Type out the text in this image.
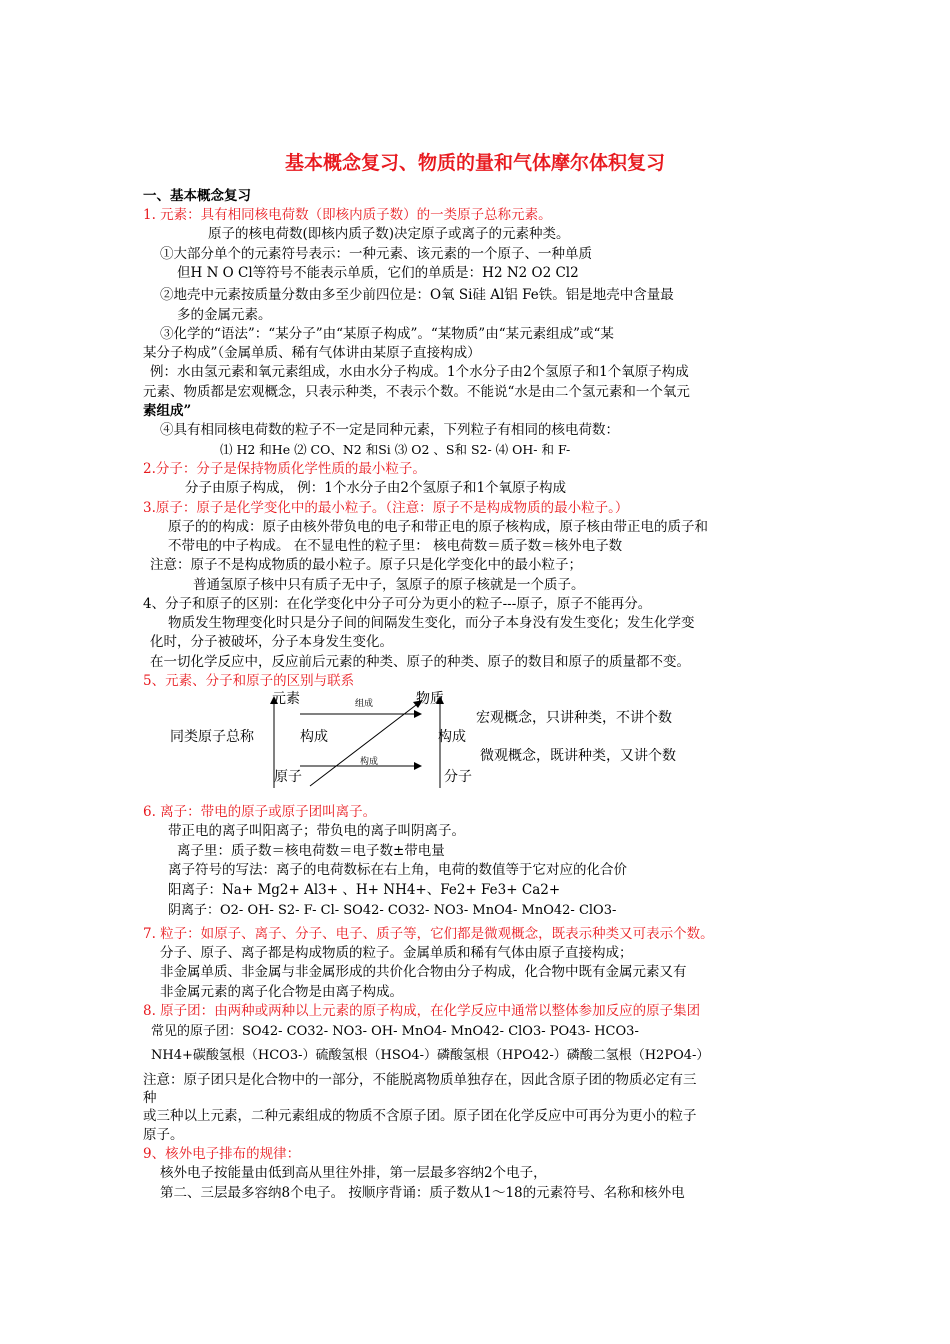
基本概念复习、物质的量和气体摩尔体积复习
一、基本概念复习
1. 元素：具有相同核电荷数（即核内质子数）的一类原子总称元素。
原子的核电荷数(即核内质子数)决定原子或离子的元素种类。
①大部分单个的元素符号表示：一种元素、该元素的一个原子、一种单质
但H N O Cl等符号不能表示单质，它们的单质是：H2 N2 O2 Cl2
②地壳中元素按质量分数由多至少前四位是：O氧 Si硅 Al铝 Fe铁。铝是地壳中含量最
多的金属元素。
③化学的“语法”：“某分子”由“某原子构成”。“某物质”由“某元素组成”或“某
某分子构成”（金属单质、稀有气体讲由某原子直接构成）
例：水由氢元素和氧元素组成，水由水分子构成。1个水分子由2个氢原子和1个氧原子构成
元素、物质都是宏观概念，只表示种类，不表示个数。不能说“水是由二个氢元素和一个氧元
素组成”
④具有相同核电荷数的粒子不一定是同种元素，下列粒子有相同的核电荷数：
⑴ H2 和He ⑵ CO、N2 和Si ⑶ O2 、S和 S2- ⑷ OH- 和 F-
2.分子：分子是保持物质化学性质的最小粒子。
分子由原子构成， 例：1个水分子由2个氢原子和1个氧原子构成
3.原子：原子是化学变化中的最小粒子。（注意：原子不是构成物质的最小粒子。）
原子的的构成：原子由核外带负电的电子和带正电的原子核构成，原子核由带正电的质子和
不带电的中子构成。 在不显电性的粒子里： 核电荷数＝质子数＝核外电子数
注意：原子不是构成物质的最小粒子。原子只是化学变化中的最小粒子；
普通氢原子核中只有质子无中子，氢原子的原子核就是一个质子。
4、分子和原子的区别：在化学变化中分子可分为更小的粒子---原子，原子不能再分。
物质发生物理变化时只是分子间的间隔发生变化，而分子本身没有发生变化；发生化学变
化时，分子被破坏，分子本身发生变化。
在一切化学反应中，反应前后元素的种类、原子的种类、原子的数目和原子的质量都不变。
5、元素、分子和原子的区别与联系
元素	物质
组成
同类原子总称	构成	构成
构成
原子	分子
宏观概念，只讲种类，不讲个数
微观概念，既讲种类，又讲个数
6. 离子：带电的原子或原子团叫离子。
带正电的离子叫阳离子；带负电的离子叫阴离子。
离子里：质子数＝核电荷数＝电子数±带电量
离子符号的写法：离子的电荷数标在右上角，电荷的数值等于它对应的化合价
阳离子：Na+ Mg2+ Al3+ 、H+ NH4+、Fe2+ Fe3+ Ca2+
阴离子：O2- OH- S2- F- Cl- SO42- CO32- NO3- MnO4- MnO42- ClO3-
7. 粒子：如原子、离子、分子、电子、质子等，它们都是微观概念，既表示种类又可表示个数。
分子、原子、离子都是构成物质的粒子。金属单质和稀有气体由原子直接构成；
非金属单质、非金属与非金属形成的共价化合物由分子构成，化合物中既有金属元素又有
非金属元素的离子化合物是由离子构成。
8. 原子团：由两种或两种以上元素的原子构成，在化学反应中通常以整体参加反应的原子集团
常见的原子团：SO42- CO32- NO3- OH- MnO4- MnO42- ClO3- PO43- HCO3-
NH4+碳酸氢根（HCO3-）硫酸氢根（HSO4-）磷酸氢根（HPO42-）磷酸二氢根（H2PO4-）
注意：原子团只是化合物中的一部分，不能脱离物质单独存在，因此含原子团的物质必定有三
种
或三种以上元素，二种元素组成的物质不含原子团。原子团在化学反应中可再分为更小的粒子
原子。
9、核外电子排布的规律：
核外电子按能量由低到高从里往外排，第一层最多容纳2个电子，
第二、三层最多容纳8个电子。 按顺序背诵：质子数从1～18的元素符号、名称和核外电
